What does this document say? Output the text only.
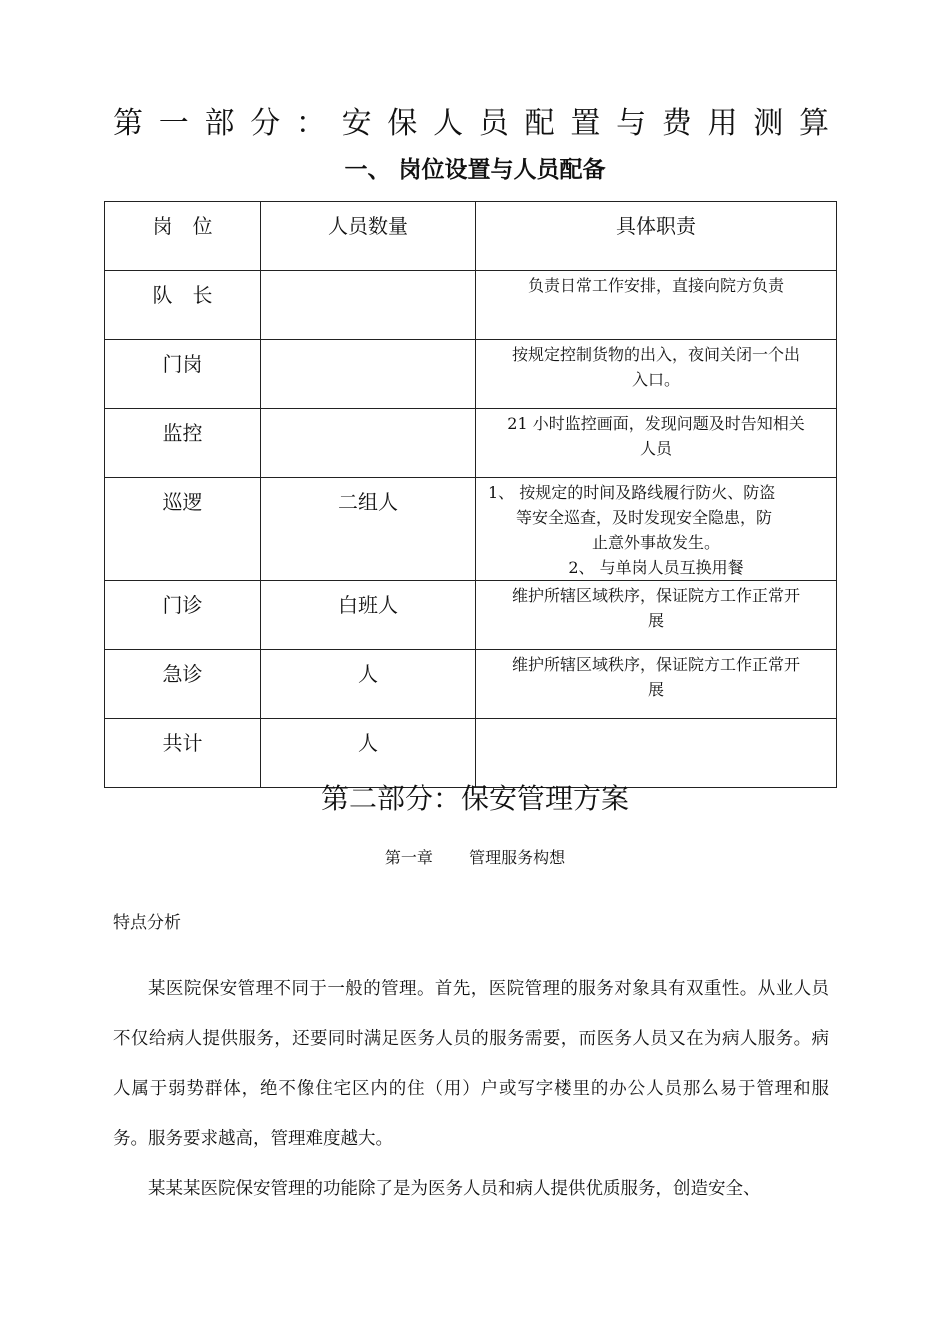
第一部分：安保人员配置与费用测算
一、 岗位设置与人员配备
岗　位	人员数量	具体职责
队　长		负责日常工作安排，直接向院方负责

门岗		按规定控制货物的出入，夜间关闭一个出
入口。

监控		21 小时监控画面，发现问题及时告知相关
人员

巡逻	二组人	1、 按规定的时间及路线履行防火、防盗
等安全巡查，及时发现安全隐患，防
止意外事故发生。
2、 与单岗人员互换用餐

门诊	白班人	维护所辖区域秩序，保证院方工作正常开
展

急诊	人	维护所辖区域秩序，保证院方工作正常开
展

共计	人	
第二部分：保安管理方案
第一章 管理服务构想
特点分析
某医院保安管理不同于一般的管理。首先，医院管理的服务对象具有双重性。从业人员不仅给病人提供服务，还要同时满足医务人员的服务需要，而医务人员又在为病人服务。病人属于弱势群体，绝不像住宅区内的住（用）户或写字楼里的办公人员那么易于管理和服务。服务要求越高，管理难度越大。
某某某医院保安管理的功能除了是为医务人员和病人提供优质服务，创造安全、
